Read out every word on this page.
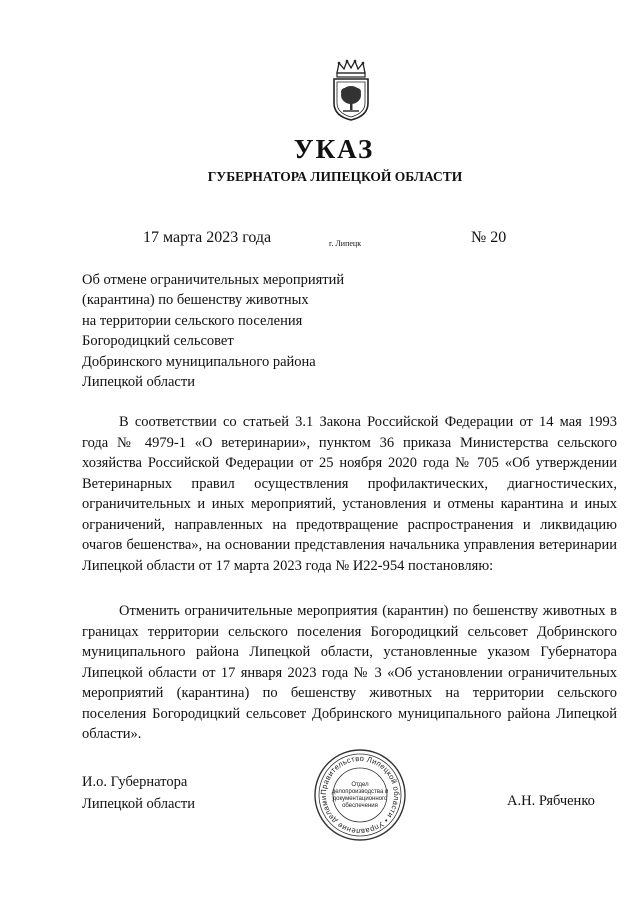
УКАЗ
ГУБЕРНАТОРА ЛИПЕЦКОЙ ОБЛАСТИ
17 марта 2023 года	г. Липецк	№ 20
Об отмене ограничительных мероприятий
(карантина) по бешенству животных
на территории сельского поселения
Богородицкий сельсовет
Добринского муниципального района
Липецкой области
В соответствии со статьей 3.1 Закона Российской Федерации от 14 мая 1993 года № 4979-1 «О ветеринарии», пунктом 36 приказа Министерства сельского хозяйства Российской Федерации от 25 ноября 2020 года № 705 «Об утверждении Ветеринарных правил осуществления профилактических, диагностических, ограничительных и иных мероприятий, установления и отмены карантина и иных ограничений, направленных на предотвращение распространения и ликвидацию очагов бешенства», на основании представления начальника управления ветеринарии Липецкой области от 17 марта 2023 года № И22-954 постановляю:
Отменить ограничительные мероприятия (карантин) по бешенству животных в границах территории сельского поселения Богородицкий сельсовет Добринского муниципального района Липецкой области, установленные указом Губернатора Липецкой области от 17 января 2023 года № 3 «Об установлении ограничительных мероприятий (карантина) по бешенству животных на территории сельского поселения Богородицкий сельсовет Добринского муниципального района Липецкой области».
И.о. Губернатора
Липецкой области
Правительство Липецкой области • Управление делами
Отдел
делопроизводства и
документационного
обеспечения	А.Н. Рябченко
